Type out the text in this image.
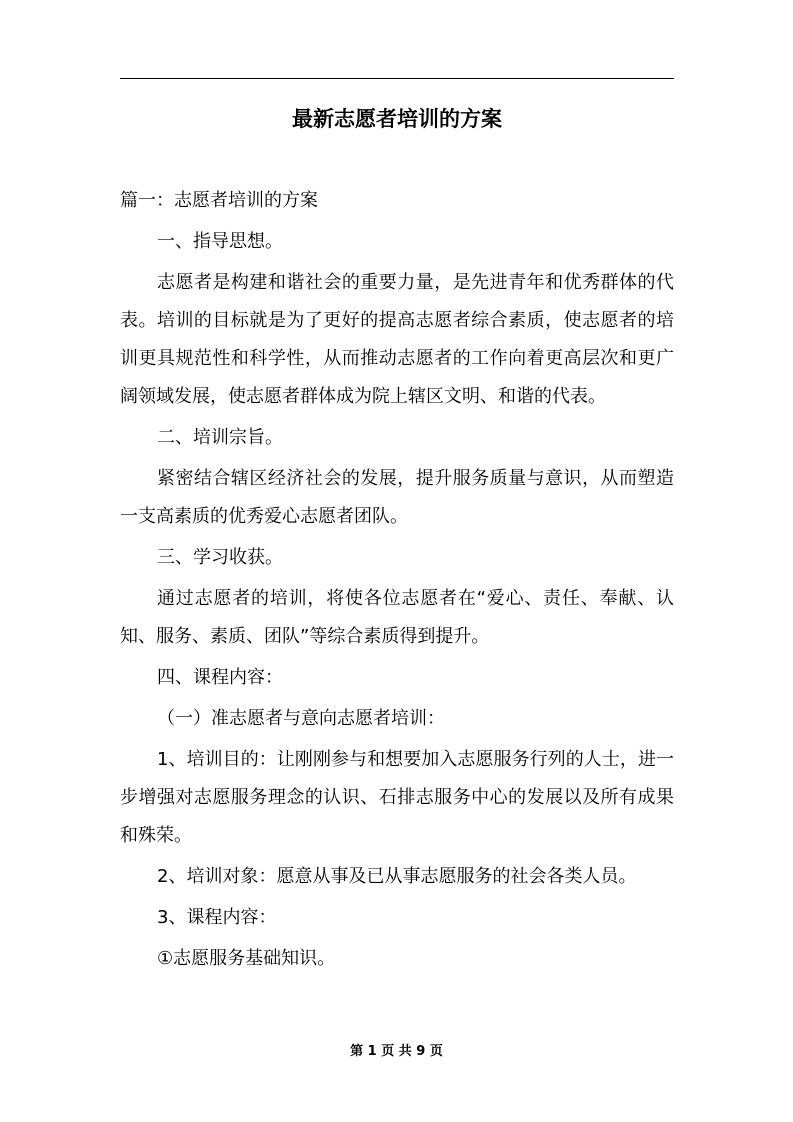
最新志愿者培训的方案

篇一：志愿者培训的方案

一、指导思想。

志愿者是构建和谐社会的重要力量，是先进青年和优秀群体的代表。培训的目标就是为了更好的提高志愿者综合素质，使志愿者的培训更具规范性和科学性，从而推动志愿者的工作向着更高层次和更广阔领域发展，使志愿者群体成为院上辖区文明、和谐的代表。

二、培训宗旨。

紧密结合辖区经济社会的发展，提升服务质量与意识，从而塑造一支高素质的优秀爱心志愿者团队。

三、学习收获。

通过志愿者的培训，将使各位志愿者在“爱心、责任、奉献、认知、服务、素质、团队”等综合素质得到提升。

四、课程内容：

（一）准志愿者与意向志愿者培训：

1、培训目的：让刚刚参与和想要加入志愿服务行列的人士，进一步增强对志愿服务理念的认识、石排志服务中心的发展以及所有成果和殊荣。

2、培训对象：愿意从事及已从事志愿服务的社会各类人员。

3、课程内容：

①志愿服务基础知识。

第 1 页 共 9 页
